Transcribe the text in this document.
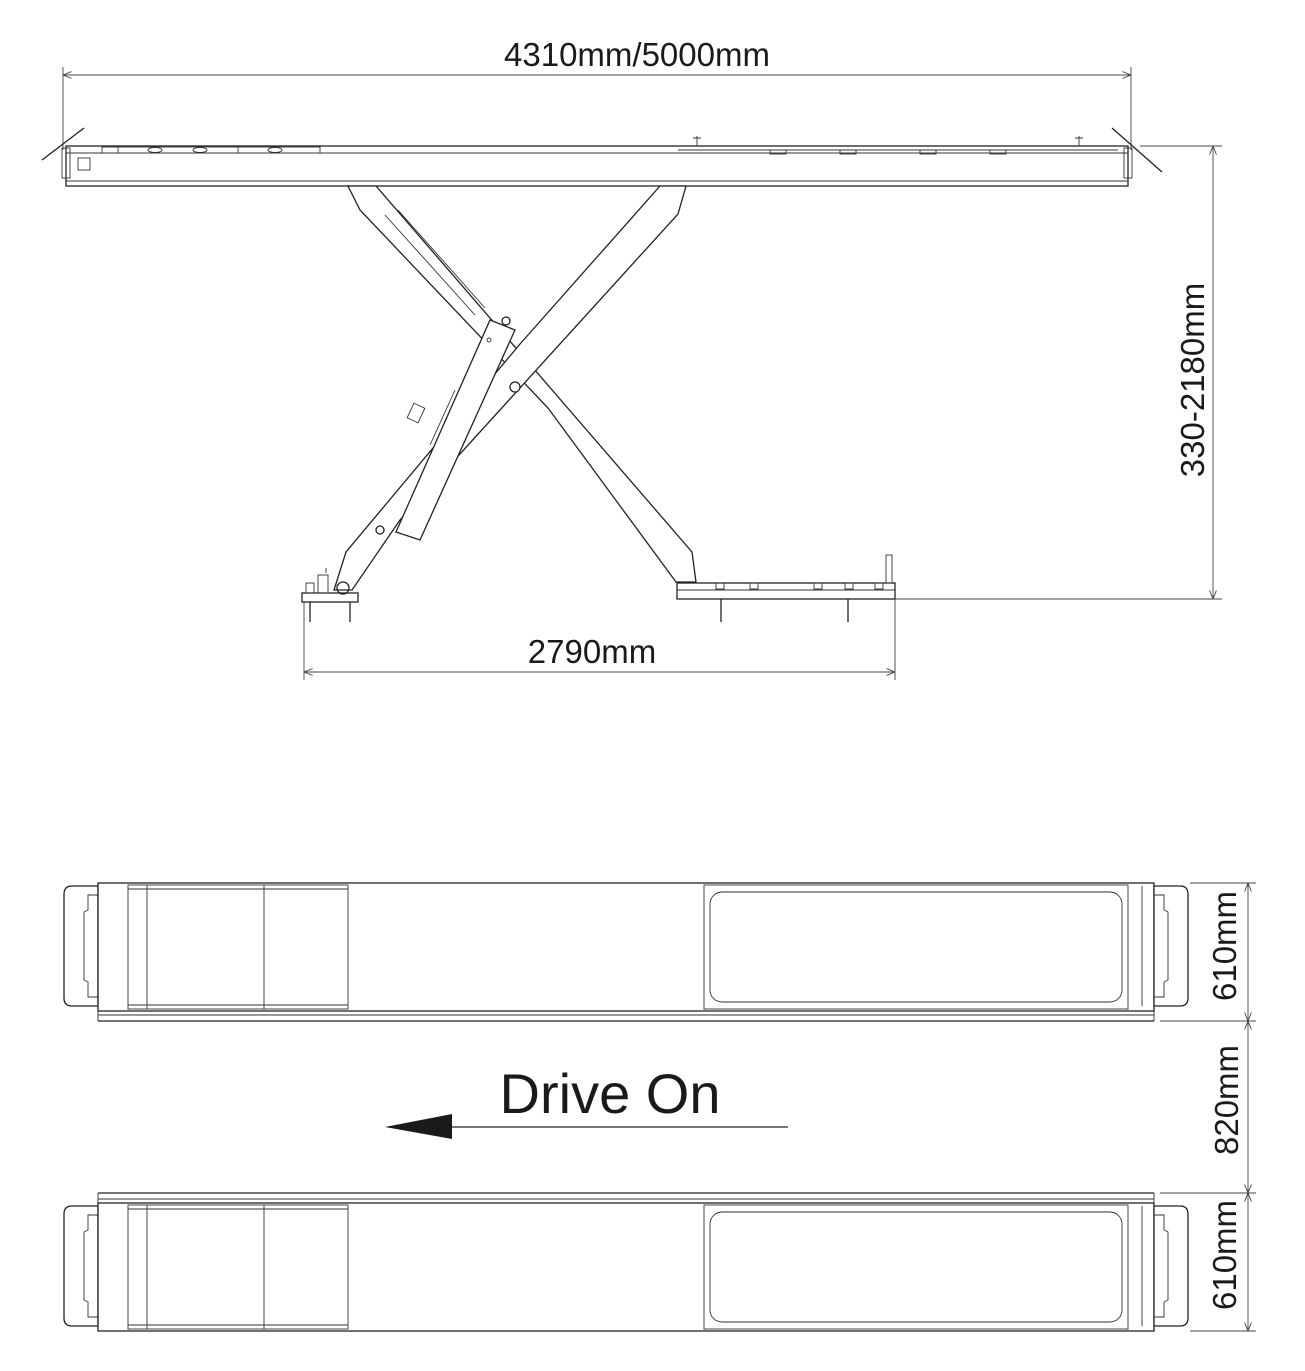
4310mm/5000mm
330-2180mm
2790mm
Drive On
610mm
820mm
610mm
